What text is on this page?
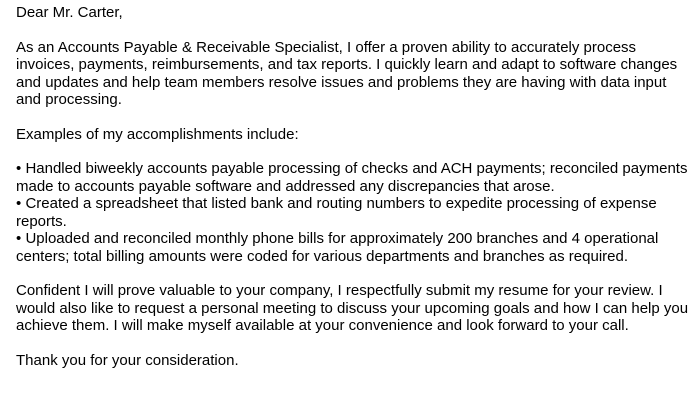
Dear Mr. Carter,

As an Accounts Payable & Receivable Specialist, I offer a proven ability to accurately process invoices, payments, reimbursements, and tax reports. I quickly learn and adapt to software changes and updates and help team members resolve issues and problems they are having with data input and processing.

Examples of my accomplishments include:

• Handled biweekly accounts payable processing of checks and ACH payments; reconciled payments made to accounts payable software and addressed any discrepancies that arose.

• Created a spreadsheet that listed bank and routing numbers to expedite processing of expense reports.

• Uploaded and reconciled monthly phone bills for approximately 200 branches and 4 operational centers; total billing amounts were coded for various departments and branches as required.

Confident I will prove valuable to your company, I respectfully submit my resume for your review. I would also like to request a personal meeting to discuss your upcoming goals and how I can help you achieve them. I will make myself available at your convenience and look forward to your call.

Thank you for your consideration.
